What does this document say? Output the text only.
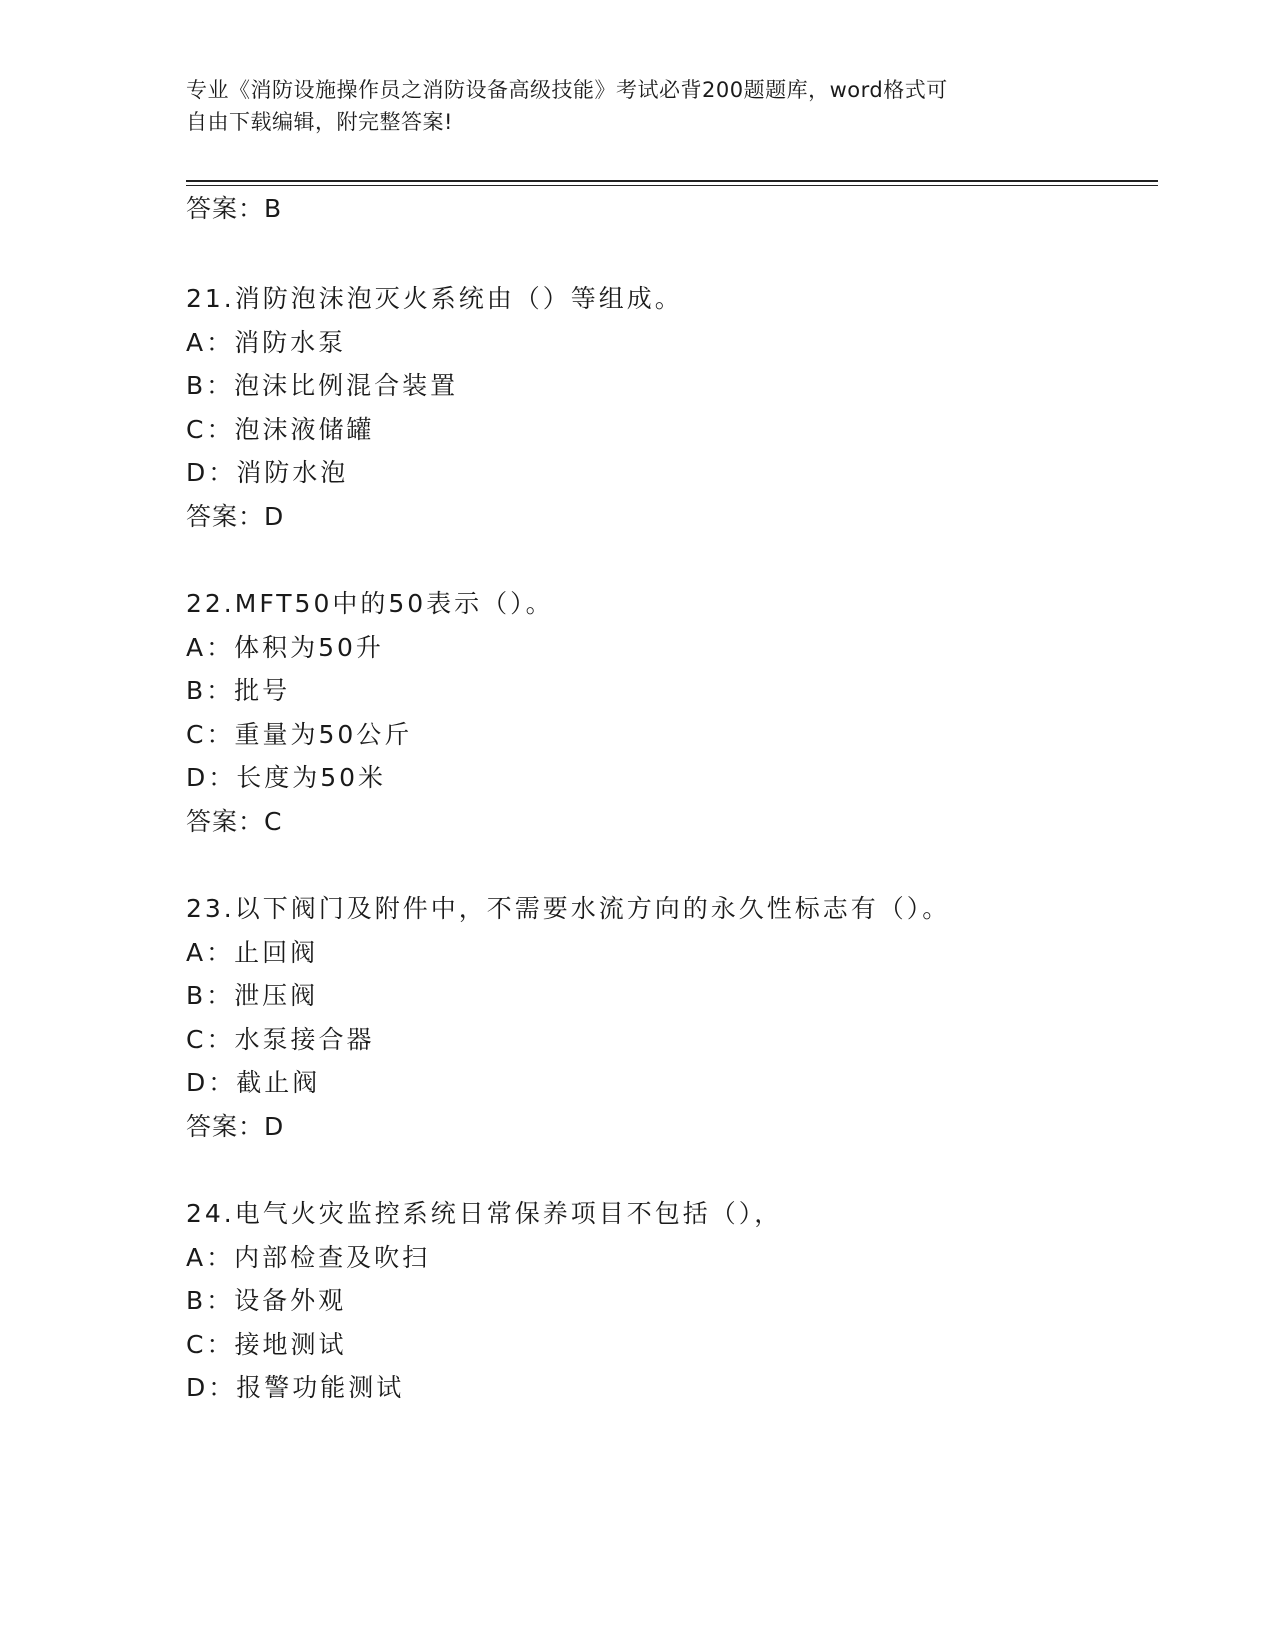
专业《消防设施操作员之消防设备高级技能》考试必背200题题库，word格式可
自由下载编辑，附完整答案!
答案：B
21.消防泡沫泡灭火系统由（）等组成。
A：消防水泵
B：泡沫比例混合装置
C：泡沫液储罐
D：消防水泡
答案：D
22.MFT50中的50表示（）。
A：体积为50升
B：批号
C：重量为50公斤
D：长度为50米
答案：C
23.以下阀门及附件中，不需要水流方向的永久性标志有（）。
A：止回阀
B：泄压阀
C：水泵接合器
D：截止阀
答案：D
24.电气火灾监控系统日常保养项目不包括（），
A：内部检查及吹扫
B：设备外观
C：接地测试
D：报警功能测试
